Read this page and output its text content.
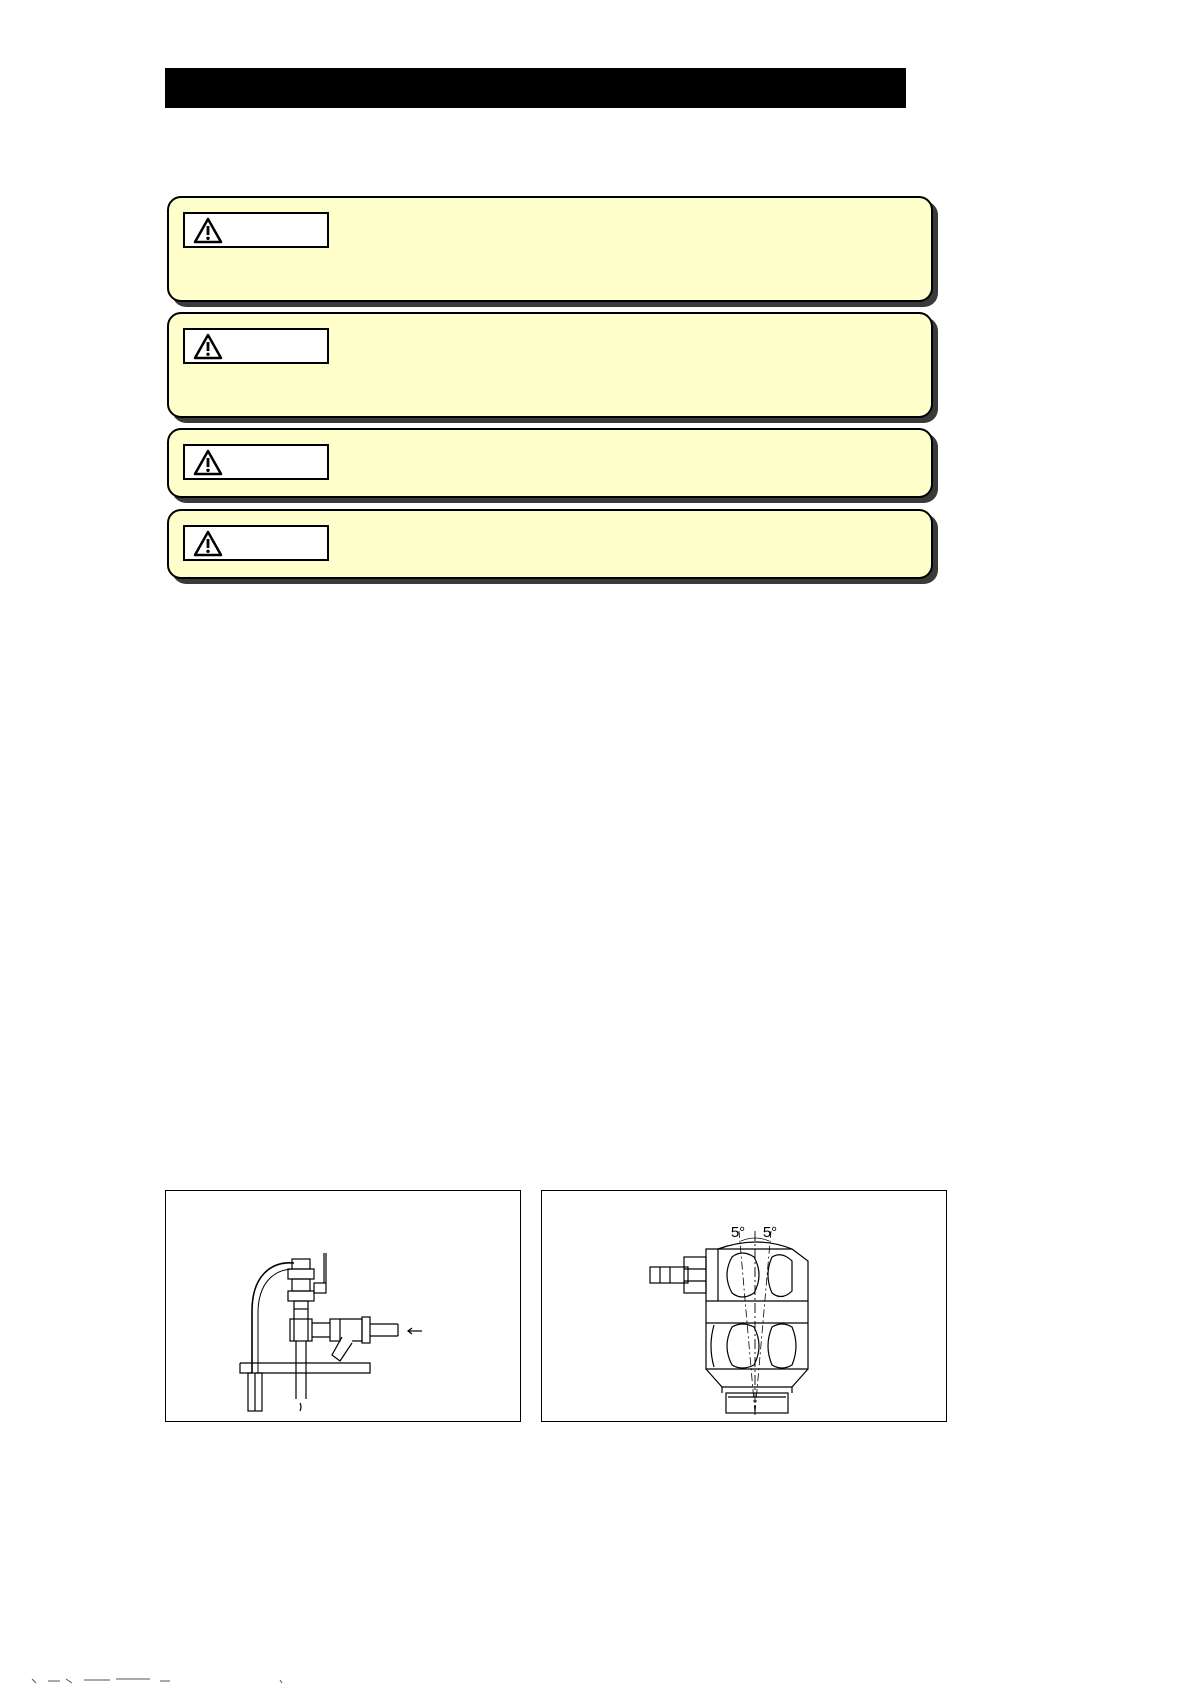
5° 5°
